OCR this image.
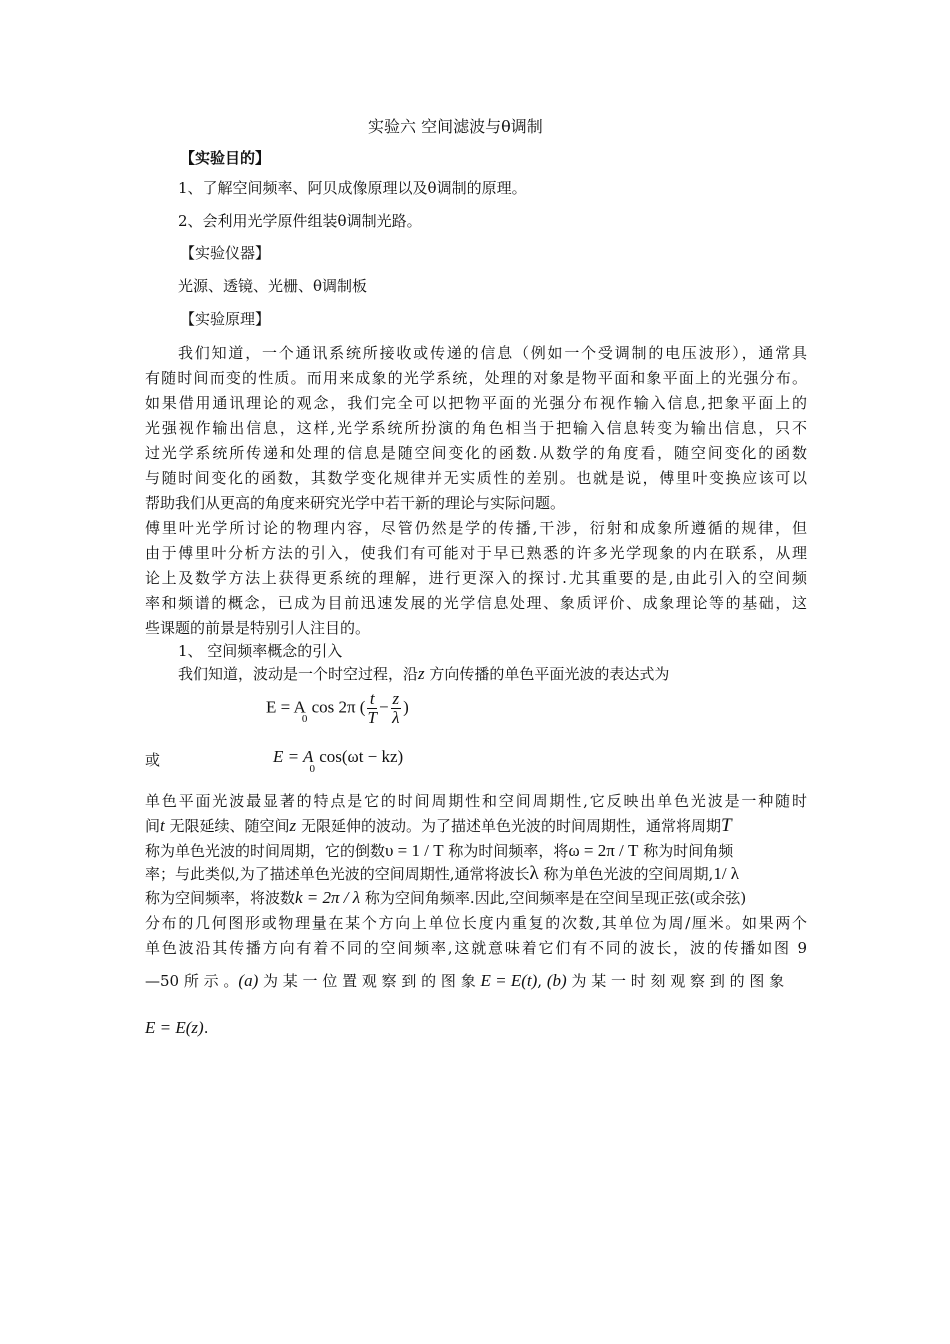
实验六 空间滤波与θ调制
【实验目的】
1、了解空间频率、阿贝成像原理以及θ调制的原理。
2、会利用光学原件组装θ调制光路。
【实验仪器】
光源、透镜、光栅、θ调制板
【实验原理】
我们知道，一个通讯系统所接收或传递的信息（例如一个受调制的电压波形），通常具
有随时间而变的性质。而用来成象的光学系统，处理的对象是物平面和象平面上的光强分布。
如果借用通讯理论的观念，我们完全可以把物平面的光强分布视作输入信息,把象平面上的
光强视作输出信息，这样,光学系统所扮演的角色相当于把输入信息转变为输出信息，只不
过光学系统所传递和处理的信息是随空间变化的函数.从数学的角度看，随空间变化的函数
与随时间变化的函数，其数学变化规律并无实质性的差别。也就是说，傅里叶变换应该可以
帮助我们从更高的角度来研究光学中若干新的理论与实际问题。
傅里叶光学所讨论的物理内容，尽管仍然是学的传播,干涉，衍射和成象所遵循的规律，但
由于傅里叶分析方法的引入，使我们有可能对于早已熟悉的许多光学现象的内在联系，从理
论上及数学方法上获得更系统的理解，进行更深入的探讨.尤其重要的是,由此引入的空间频
率和频谱的概念，已成为目前迅速发展的光学信息处理、象质评价、成象理论等的基础，这
些课题的前景是特别引人注目的。
1、 空间频率概念的引入
我们知道，波动是一个时空过程，沿z 方向传播的单色平面光波的表达式为
$E = A_0$ cos 2π ( $\frac{t}{T} - \frac{z}{\lambda}$ )
或	$E = A_0$ cos(ωt − kz)
单色平面光波最显著的特点是它的时间周期性和空间周期性,它反映出单色光波是一种随时
间t 无限延续、随空间z 无限延伸的波动。为了描述单色光波的时间周期性，通常将周期T
称为单色光波的时间周期，它的倒数υ = 1 / T 称为时间频率，将ω = 2π / T 称为时间角频
率；与此类似,为了描述单色光波的空间周期性,通常将波长λ 称为单色光波的空间周期,1/ λ
称为空间频率，将波数k = 2π / λ 称为空间角频率.因此,空间频率是在空间呈现正弦(或余弦)
分布的几何图形或物理量在某个方向上单位长度内重复的次数,其单位为周/厘米。如果两个
单色波沿其传播方向有着不同的空间频率,这就意味着它们有不同的波长，波的传播如图 9
—50 所 示 。(a) 为 某 一 位 置 观 察 到 的 图 象 E = E(t), (b) 为 某 一 时 刻 观 察 到 的 图 象
E = E(z).
